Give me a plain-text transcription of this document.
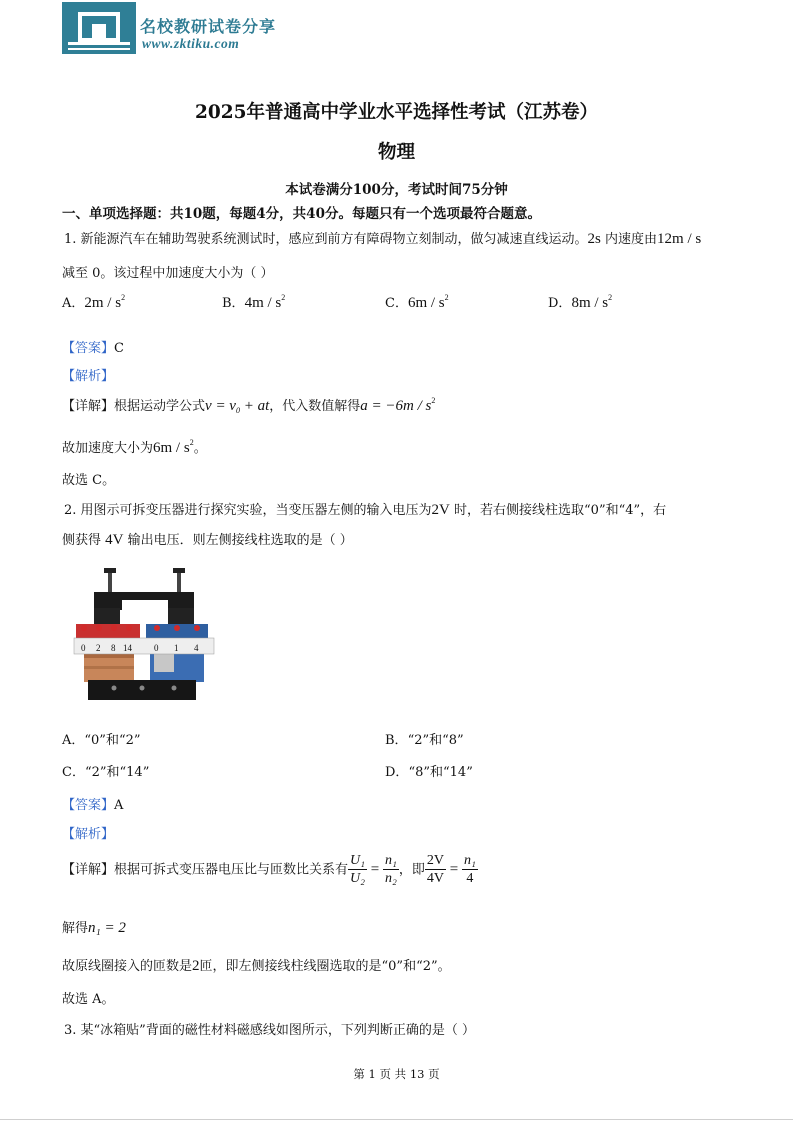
名校教研试卷分享
www.zktiku.com
2025年普通高中学业水平选择性考试（江苏卷）
物理
本试卷满分100分，考试时间75分钟
一、单项选择题：共10题，每题4分，共40分。每题只有一个选项最符合题意。
1. 新能源汽车在辅助驾驶系统测试时，感应到前方有障碍物立刻制动，做匀减速直线运动。2s 内速度由12m / s
减至 0。该过程中加速度大小为（ ）
A．$2m / s^2$	B．$4m / s^2$	C．$6m / s^2$	D．$8m / s^2$
【答案】C
【解析】
【详解】根据运动学公式$v = v_0$ + at，代入数值解得$a = -6m / s^2$
故加速度大小为$6m / s^2$。
故选 C。
2. 用图示可拆变压器进行探究实验，当变压器左侧的输入电压为2V 时，若右侧接线柱选取“0”和“4”，右
侧获得 4V 输出电压．则左侧接线柱选取的是（ ）
0 2 8 14 0 1 4
A．“0”和“2”	B．“2”和“8”
C．“2”和“14”	D．“8”和“14”
【答案】A
【解析】
【详解】根据可拆式变压器电压比与匝数比关系有 $\frac{\text{U₁}}{\text{U₂}} = \frac{\text{n₁}}{\text{n₂}}$ ，即 $\frac{2V}{4V} = \frac{\text{n₁}}{4}$
解得n₁ = 2
故原线圈接入的匝数是2匝，即左侧接线柱线圈选取的是“0”和“2”。
故选 A。
3. 某“冰箱贴”背面的磁性材料磁感线如图所示，下列判断正确的是（ ）
第 1 页 共 13 页
